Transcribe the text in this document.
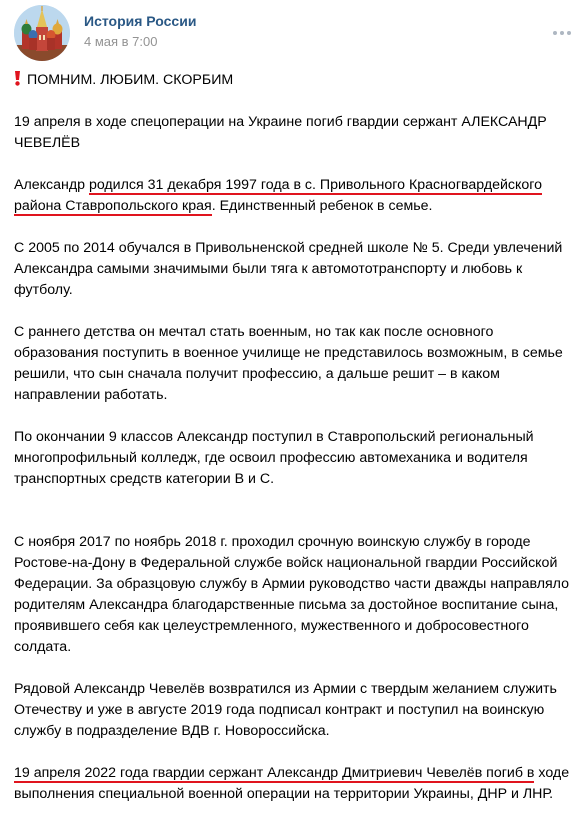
История России
4 мая в 7:00

ПОМНИМ. ЛЮБИМ. СКОРБИМ

19 апреля в ходе спецоперации на Украине погиб гвардии сержант АЛЕКСАНДР ЧЕВЕЛЁВ

Александр родился 31 декабря 1997 года в с. Привольного Красногвардейского района Ставропольского края. Единственный ребенок в семье.

С 2005 по 2014 обучался в Привольненской средней школе № 5. Среди увлечений Александра самыми значимыми были тяга к автомототранспорту и любовь к футболу.

С раннего детства он мечтал стать военным, но так как после основного образования поступить в военное училище не представилось возможным, в семье решили, что сын сначала получит профессию, а дальше решит – в каком направлении работать.

По окончании 9 классов Александр поступил в Ставропольский региональный многопрофильный колледж, где освоил профессию автомеханика и водителя транспортных средств категории В и С.

С ноября 2017 по ноябрь 2018 г. проходил срочную воинскую службу в городе Ростове-на-Дону в Федеральной службе войск национальной гвардии Российской Федерации. За образцовую службу в Армии руководство части дважды направляло родителям Александра благодарственные письма за достойное воспитание сына, проявившего себя как целеустремленного, мужественного и добросовестного солдата.

Рядовой Александр Чевелёв возвратился из Армии с твердым желанием служить Отечеству и уже в августе 2019 года подписал контракт и поступил на воинскую службу в подразделение ВДВ г. Новороссийска.

19 апреля 2022 года гвардии сержант Александр Дмитриевич Чевелёв погиб в ходе выполнения специальной военной операции на территории Украины, ДНР и ЛНР.
